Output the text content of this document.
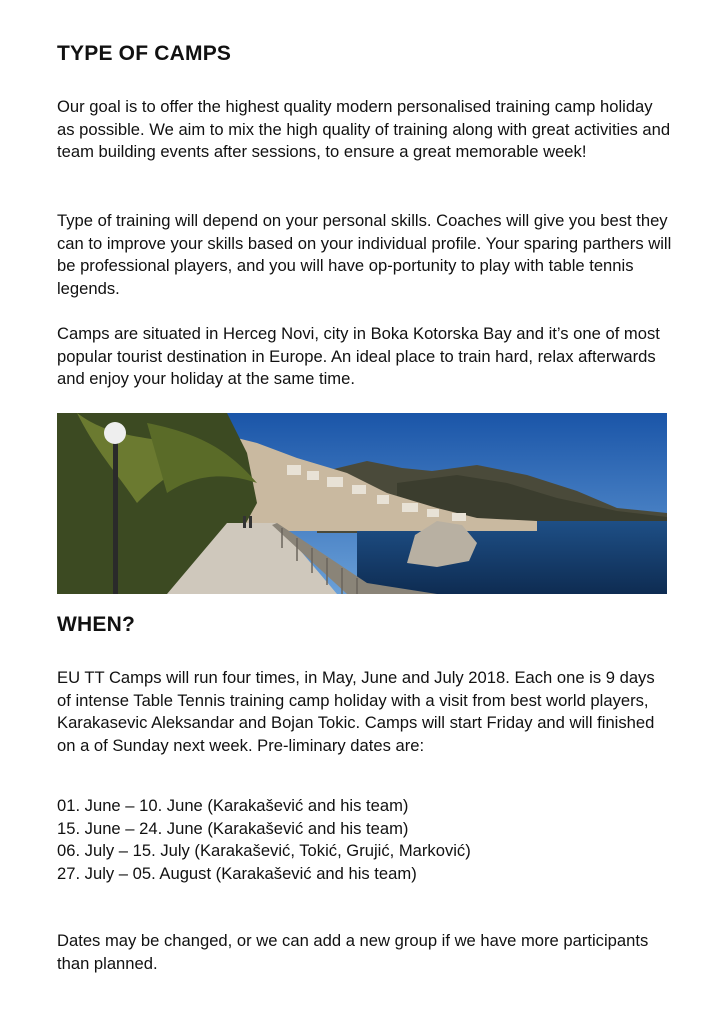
TYPE OF CAMPS

Our goal is to offer the highest quality modern personalised training camp holiday as possible. We aim to mix the high quality of training along with great activities and team building events after sessions, to ensure a great memorable week!

Type of training will depend on your personal skills. Coaches will give you best they can to improve your skills based on your individual profile. Your sparing parthers will be professional players, and you will have op-portunity to play with table tennis legends.

Camps are situated in Herceg Novi, city in Boka Kotorska Bay and it’s one of most popular tourist destination in Europe. An ideal place to train hard, relax afterwards and enjoy your holiday at the same time.

WHEN?

EU TT Camps will run four times, in May, June and July 2018. Each one is 9 days of intense Table Tennis training camp holiday with a visit from best world players, Karakasevic Aleksandar and Bojan Tokic. Camps will start Friday and will finished on a of Sunday next week. Pre-liminary dates are:

01. June – 10. June (Karakašević and his team)
15. June – 24. June (Karakašević and his team)
06. July – 15. July (Karakašević, Tokić, Grujić, Marković)
27. July – 05. August (Karakašević and his team)

Dates may be changed, or we can add a new group if we have more participants than planned.
